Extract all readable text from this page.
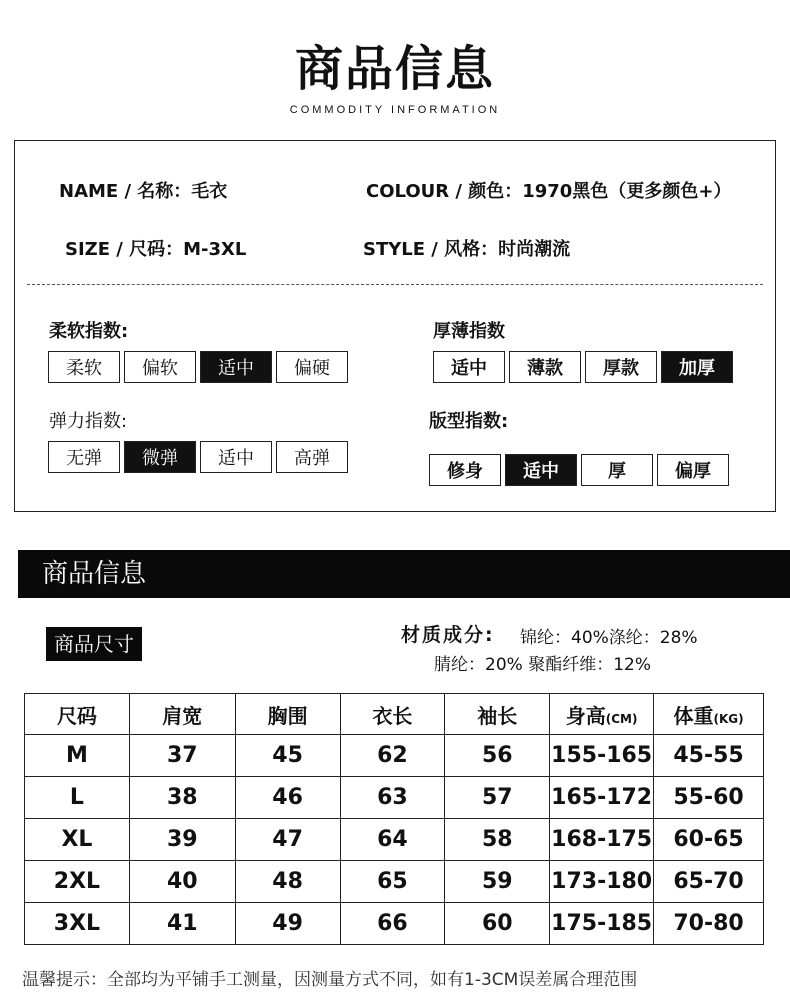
商品信息
COMMODITY INFORMATION
NAME / 名称：毛衣	COLOUR / 颜色：1970黑色（更多颜色+）
SIZE / 尺码：M-3XL	STYLE / 风格：时尚潮流
柔软指数:
柔软	偏软	适中	偏硬
厚薄指数
适中	薄款	厚款	加厚
弹力指数:
无弹	微弹	适中	高弹
版型指数:
修身	适中	厚	偏厚
商品信息
商品尺寸	材质成分: 锦纶：40%涤纶：28%
腈纶：20% 聚酯纤维：12%
尺码	肩宽	胸围	衣长	袖长	身高(CM)	体重(KG)
M	37	45	62	56	155-165	45-55
L	38	46	63	57	165-172	55-60
XL	39	47	64	58	168-175	60-65
2XL	40	48	65	59	173-180	65-70
3XL	41	49	66	60	175-185	70-80
温馨提示：全部均为平铺手工测量，因测量方式不同，如有1-3CM误差属合理范围
